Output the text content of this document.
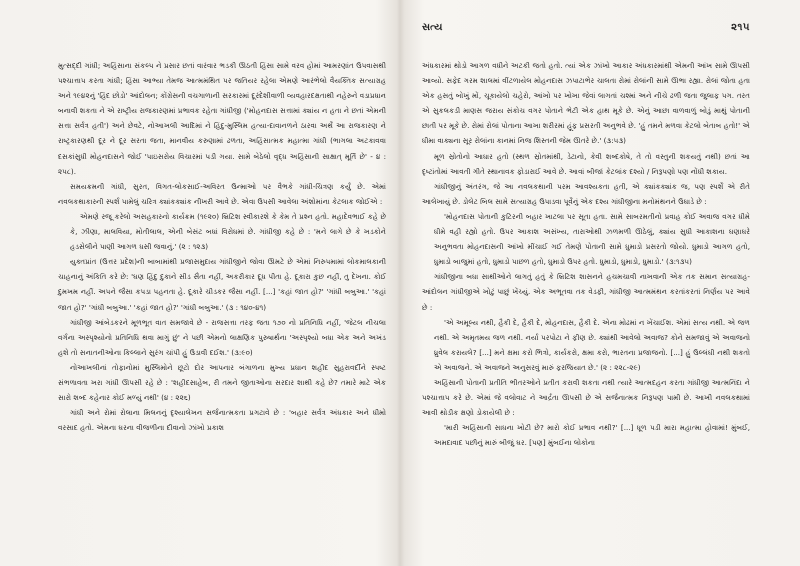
મુત્સદ્દી ગાંધી; અહિંસાના સંકલ્પ ને પ્રસાર છતાં વારંવાર ભડકી ઊઠતી હિંસા સામે વરવ હોમાં આમરણાંત ઉપવાસથી પશ્ચાત્તાપ કરતા ગાંધી; હિંસા આભ્યા તેમજ આત્મમંથિત પર જતિયર રહેલા એમણે આરંભેલો વૈયક્તિક સત્યાગ્રહ અને ૧૯૪૨નું 'હિંદ છોડો' આંદોલન; કોંગ્રેસની વચગાળાની સરકારમાં દૂરંદેશીવાળી વ્યવહારદક્ષતાથી નહેરુને વડાપ્રધાન બનાવી શકતા ને એ રાષ્ટ્રીય રાજકારણમાં પ્રભાવક રહેતા ગાંધીજી ('મોહનદાસ સત્તામાં ક્યાંય ન હતા ને છતાં એમની સત્તા સર્વત્ર હતી') અને છેવટે, નોઆખલી આદિમાં ને હિંદુ-મુસ્લિમ હત્યા-દાવાનળને ઠારવા અર્થે આ રાજકારણ ને રાષ્ટ્રકારણથી દૂર ને દૂર સરતા જતા, માનવીય કરુણામાં ઢળતા, અહિંસાત્મક મહાત્મા ગાંધી (ભાગલા અટકાવવા દસકાંસુધી મોહનદાસને જોઈ 'પાઇસરોય વિચારમાં પડી ગયા. સામે બેઠેલો વૃદ્ધ અહિંસાની સાક્ષાત્ મૂર્તિ છે' - ૪ : ૨૫૮).

સમયક્રમની ગાંધી, સુરત, વિગત-લોકસાઈ-અવિરત ઉન્માઓ પર વૈભકે ગાંધી-ચિત્રણ કર્યું છે. એમાં નવલકથાકારની સ્પર્શ પામેલું ચરિત્ર ક્યાંકક્યાંક નીખરી આવે છે. એવા ઉપસી આવેલા અંશોમાંના કેટલાક જોઈએ :

એમણે રજૂ કરેલો અસહકારનો કાર્યક્રમ (૧૯૨૦) બ્રિટિશ સ્વીકારશે કે કેમ તે પ્રશ્ન હતો. મહાદેવભાઈ કહે છે કે, ઝીણા, માલવિયા, મોતીલાલ, એની બેસંટ બધાં વિરોધમાં છે. ગાંધીજી કહે છે : 'મને લાગે છે કે ખડકોને હડસેલીને પાણી આગળ ધસી જવાનું.' (૨ : ૧૨૩)

યુક્તપ્રાંત (ઉત્તર પ્રદેશ)ની બાબામાંથી પ્રજાસમુદાય ગાંધીજીને જોવા ઊમટે છે એમાં નિરુપમામાં લોકમાલકાની ચાહનાનું અંકિતિ કરે છે: 'ઘણ હિંદુ દુકાને સીડ સૈતા નહીં, અકરીકાર દૂધ પીતા હે. દૂકારા કુછ નહીં, તુ દેખના. કોઈ દુમખમ નહીં. અપને જૈસા કપડા પહનતા હે. દૂકારે ચીડકર જૈસા નહીં. [...] 'કહાં જાત હો?' 'ગાંધી બબુઆ.' 'કહાં જાત હો?' 'ગાંધી બબુઆ.' 'કહાં જાત હો?' 'ગાંધી બબુઆ.' (૩ : ૧૪૦-૪૧)

ગાંધીજી આંબેડકરને મૂળભૂત વાત સમજાવે છે - રાજસત્તા તરફ જતા ૧૭૦ નો પ્રતિનિધિ નહીં, 'જેટલ નીચલા વર્ગના અસ્પૃશ્યોનો પ્રતિનિધિ થવા માગું છું' ને પછી એમનો લાક્ષણિક પુરુષાર્થના 'અસ્પૃશ્યો બધા એક અને અખંડ હશે તો સનાતનીઓના કિલ્લાને સુરંગ ચાંપી હું ઉડાવી દઈશ.' (૩:૯૦)

નોઆખલીનાં તોફાનોમાં મુસ્લિમોને છૂટો દોર આપનાર બંગાળના મુખ્ય પ્રધાન શહીદ સુહરાવર્દીને સ્પષ્ટ સંભળાવતા ખરા ગાંધી ઊપસી રહે છે : 'શહીદસાહેબ, રી તમને જીતાઓના સરદાર શાથી કહે છે? તમારે માટે એક સારો શબ્દ કહેનાર કોઈ મળ્યું નથી' (૪ : ૨૨૬)

ગાંધી અને રોમાં રોલાના મિલનનું દૃશ્યાલેખન સર્જનાત્મકતા પ્રગટાવે છે : 'બહાર સર્વત્ર અંધકાર અને ધીમો વરસાદ હતો. એમના ઘરના વીજળીના દીવાનો ઝાંખો પ્રકાશ

સત્ય	૨૧૫

અંધકારમાં થોડો આગળ વધીને અટકી જતો હતો. ત્યાં એક ઝાંખો આકાર અંધકારમાંથી એમની આંખ સામે ઊપસી આવ્યો. સફેદ ગરમ શાલમાં વીંટળાયેલ મોહનદાસ ઝપાટાભેર ચાલતા રોમાં રોલાંની સામે ઊભા રહ્યા. રોલાં જોતા હતા એક હસતું બોખું મોં, ચૂકાયેલો ચહેરો, આંખો પર ખોખા જેવાં લાગતાં ચશ્માં અને નીચે ઢળી જતા જુલાફ પગ. તરત એ સુકલકડી માણસ જરાય સંકોચ વગર પોતાને ભેટી એક હાથ મૂકે છે. એનું આછા વાળવાળું બોડું માથું પોતાની છાતી પર મૂકે છે. રોમાં રોલાં પોતાના આખા શરીરમાં હૂંફ પ્રસરતી અનુભવે છે. 'હું તમને મળવા કેટલો બેતાબ હતો!' એ ધીમા વાક્યના સૂર રોલાંના કાનમાં નિજ શિસ્તની જેમ ઊતરે છે.' (૩:૫૩)

મૂળ સ્રોતોનો આધાર હતો (સ્થળ સ્રોતમાંથી, ડેટાનો, કેવી શબ્દકોષે, તે તો વસ્તુની શકયતું નથી) છતાં આ દૃષ્ટાંતોમાં આવતી ગીતે સ્થાનાવક ફોડારાઈ આવે છે. આવાં બીજાં કેટલાંક દશ્યો / નિરૂપણો પણ નોંધી શકાય.

ગાંધીજીનું અંતરંગ, જે આ નવલકથાની પરમ આવશ્યકતા હતી, એ ક્યાંકક્યાંક જ, પણ સ્પર્શે એ રીતે આલેખાયું છે. ડોલેટ બિલ સામે સત્યાગ્રહ ઉપાડવા પૂર્વેનું એક દશ્ય ગાંધીજીના મનોમંથનને ઉઘાડે છે :

'મોહનદાસ પોતાની કુટિરની બહાર ખાટલા પર સૂતા હતા. સામે સાબરમતીનો પ્રવાહ કોઈ અવાજ વગર ધીમે ધીમે વહી રહ્યો હતો. ઉપર આકાશ અસંખ્ય, તારાઓથી ઝળમળી ઊઠેલું, ક્યાંય સુધી આકાશના ઘણાઘરે અનુભવતા મોહનદાસની આંખો મીંચાઈ ગઈ તેમણે પોતાની સામે ધુમાડો પ્રસરતો જોયો. ધુમાડો આગળ હતો, ધુમાડો બાજુમાં હતો, ધુમાડો પાછળ હતો, ધુમાડો ઉપર હતો. ધુમાડો, ધુમાડો, ધુમાડો.' (૩:૧૩૫)

ગાંધીજીના બધા સાથીઓને લાગતું હતું કે બ્રિટિશ શાસનને હચમચાવી નાખવાની એક તક સમાન સત્યાગ્રહ-આંદોલન ગાંધીજીએ ખોટું પાછું ખેંચ્યું. એક અભૂતવા તક વેડફી, ગાંધીજી આત્મમંથન કરતાંકરતાં નિર્ણય પર આવે છે :

'એ અમૂલ્ય નથી, હૈકી દે, હૈકી દે, મોહનદાસ, હૈકી દે. એના મોઢમાં ન ખેંચાઈશ. એમાં સત્ય નથી. એ જળ નથી. એ અમૃતમય જળ નથી. નર્યા પરપોટા ને ફીણ છે. ક્યાંથી આવેલો અવાજ? કોને સમજાવું એ અવાજનો ધ્રુવેલ કરાયલે? [...] મને ક્ષમા કરો ભિત્રો, કાર્યકરો, ક્ષમા કરો, ભારતના પ્રજાજનો. [...] હું ઉલ્લંઘી નથી શકતો એ અવાજને. એ અવાજને અનુસરવું મારું ફરજિયાત છે.' (૨ : ૨૨૮-૨૯)

અહિંસાની પોતાની પ્રતીતિ ભીતરઓને પ્રતીત કરાવી શકતા નથી ત્યારે આત્મદહન કરતા ગાંધીજી આત્મનિંદા ને પશ્ચાત્તાપ કરે છે. એમાં જે વલોવાટ ને આર્દ્રતા ઊપસી છે એ સર્જનાત્મક નિરૂપણ પામી છે. આખી નવલકથામાં આવી થોડીક ક્ષણો ડોકાયેલી છે :

'મારી અહિંસાની સાધના ખોટી છે? મારો કોઈ પ્રભાવ નથી?' [...] ધૂળ પડી મારા મહાત્મા હોવામાં! મુંબઈ, અમદાવાદ પછીનું મારું બીજું ઘર. [પણ] મુંબઈના લોકોના
